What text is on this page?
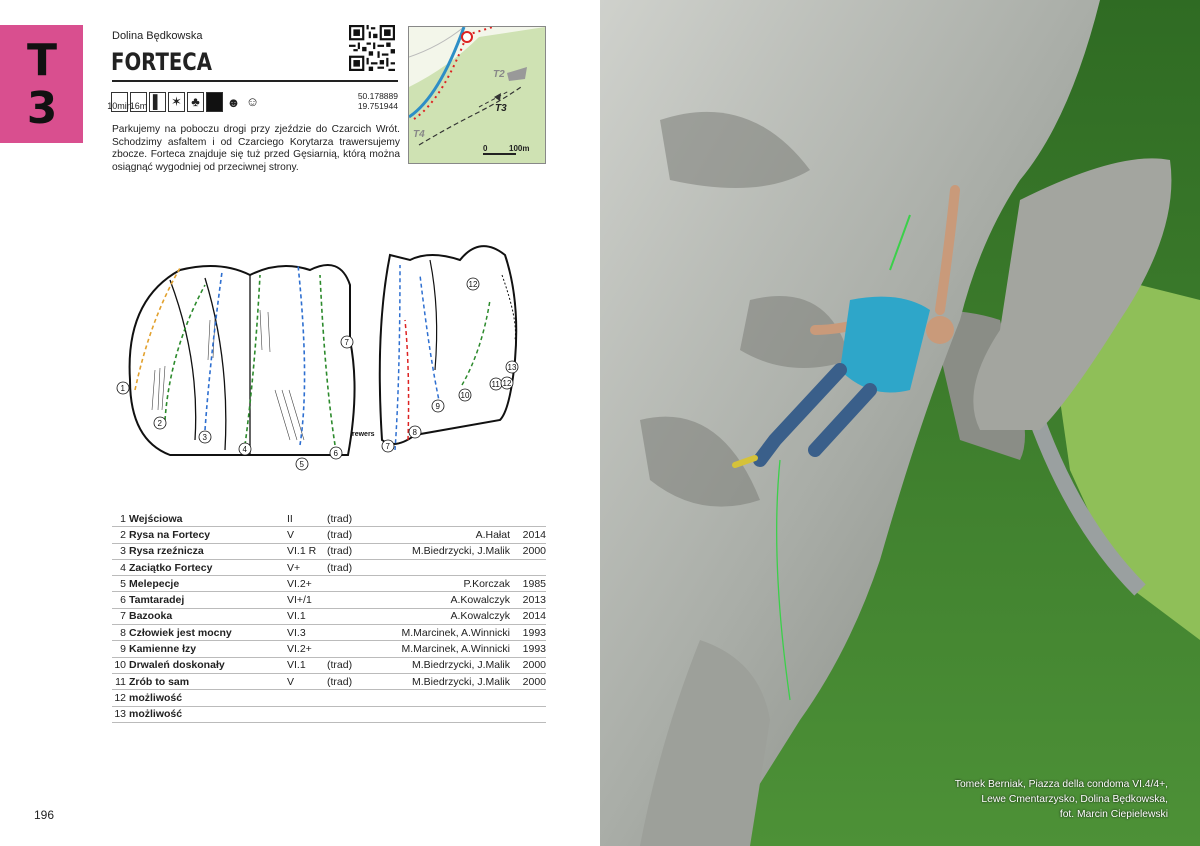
T
3
Dolina Będkowska
FORTECA
10min
16m ▌ ✶ ♣ ☻ ☺	50.178889
19.751944
Parkujemy na poboczu drogi przy zjeździe do Czarcich Wrót. Schodzimy asfaltem i od Czarciego Korytarza trawersujemy zbocze. Forteca znajduje się tuż przed Gęsiarnią, którą można osiągnąć wygodniej od przeciwnej strony.
T2
T3
T4
0	100m
1
2
3
4
5
6
7
rewers
7
8
9
10
11
12
13
12
1	Wejściowa	II	(trad)		
2	Rysa na Fortecy	V	(trad)	A.Hałat	2014
3	Rysa rzeźnicza	VI.1 R	(trad)	M.Biedrzycki, J.Malik	2000
4	Zaciątko Fortecy	V+	(trad)		
5	Melepecje	VI.2+		P.Korczak	1985
6	Tamtaradej	VI+/1		A.Kowalczyk	2013
7	Bazooka	VI.1		A.Kowalczyk	2014
8	Człowiek jest mocny	VI.3		M.Marcinek, A.Winnicki	1993
9	Kamienne łzy	VI.2+		M.Marcinek, A.Winnicki	1993
10	Drwaleń doskonały	VI.1	(trad)	M.Biedrzycki, J.Malik	2000
11	Zrób to sam	V	(trad)	M.Biedrzycki, J.Malik	2000
12	możliwość				
13	możliwość				
196
Tomek Berniak, Piazza della condoma VI.4/4+,
Lewe Cmentarzysko, Dolina Będkowska,
fot. Marcin Ciepielewski
